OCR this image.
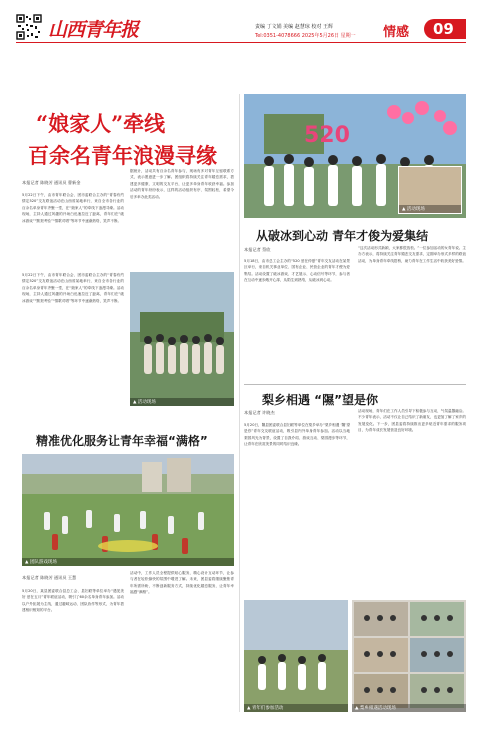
山西青年报	责编 丁文娟 美编 赵慧琼 校对 王辉
Tel:0351-4078666 2025年5月26日 星期一 情感 09
“娘家人”牵线
百余名青年浪漫寻缘
本报记者 陈晓芳 通讯员 曹新金
5月22日下午，由市青年联合会、团市委联合主办的“青春有约 情定520”交友联谊活动在山西省某地举行，来自全市各行业的百余名单身青年齐聚一堂，在“娘家人”的牵线下浪漫寻缘。活动现场，主持人通过风趣的开场白迅速拉近了距离，青年们在“破冰游戏”“默契考验”“情歌对唱”等环节中逐渐熟络，笑声不断。
据统计，活动共有百余名青年参与，现场有多对青年互留联系方式，表示愿意进一步了解。团组织将持续关注青年婚恋需求，搭建更多健康、文明的交友平台，让更多单身青年收获幸福。参加活动的青年纷纷表示，这样的活动组织有序、氛围轻松，希望今后多举办此类活动。
▲ 活动现场
5月22日下午，由市青年联合会、团市委联合主办的“青春有约 情定520”交友联谊活动在山西省某地举行，来自全市各行业的百余名单身青年齐聚一堂，在“娘家人”的牵线下浪漫寻缘。活动现场，主持人通过风趣的开场白迅速拉近了距离，青年们在“破冰游戏”“默契考验”“情歌对唱”等环节中逐渐熟络，笑声不断。
精准优化服务让青年幸福“满格”
▲ 团队游戏现场
本报记者 陈晓芳 通讯员 王慧
5月20日，某县团委联合县总工会、县妇联等单位举办“遇见美好 爱在五月”青年联谊活动，吸引了60余名单身青年参加。活动以户外拓展为主线，通过趣味运动、团队协作等形式，为青年搭建相识相知的平台。
活动中，工作人员全程提供贴心服务，精心设计互动环节，让参与者在轻松愉快的氛围中增进了解。未来，团县委将继续聚焦青年所需所盼，不断创新服务方式，持续优化婚恋服务，让青年幸福感“满格”。
520
▲ 活动现场
从破冰到心动 青年才俊为爱集结
本报记者 蔡欣
5月18日，由市总工会主办的“520 爱在仲夏”青年交友活动在某景区举行，来自机关事业单位、国有企业、民营企业的青年才俊为爱集结。活动设置了破冰游戏、才艺展示、心动信号等环节，参与者在互动中逐步敞开心扉，从陌生到熟络，从破冰到心动。
“这次活动形式新颖，大家都很放松。”一位参加活动的女青年说。主办方表示，将持续关注青年婚恋交友需求，定期举办形式多样的联谊活动，为单身青年牵线搭桥，助力青年在工作生活中收获美好爱情。
梨乡相遇 “隰”望是你
本报记者 许晓杰
5月20日，隰县团委联合县妇联等单位在梨乡举办“梨乡相遇 ‘隰’望是你”青年交友联谊活动，吸引县内外单身青年参加。活动以当地梨园风光为背景，设置了自我介绍、游戏互动、梨园漫步等环节，让青年在欣赏美景的同时结识良缘。
活动现场，青年们在工作人员引导下积极参与互动，气氛温馨融洽。不少青年表示，活动不仅让自己结识了新朋友，也更加了解了家乡的发展变化。下一步，团县委将持续推出更多贴近青年需求的服务项目，为青年成长发展营造良好环境。
▲ 梨乡相遇活动现场
▲ 青年们参加活动
